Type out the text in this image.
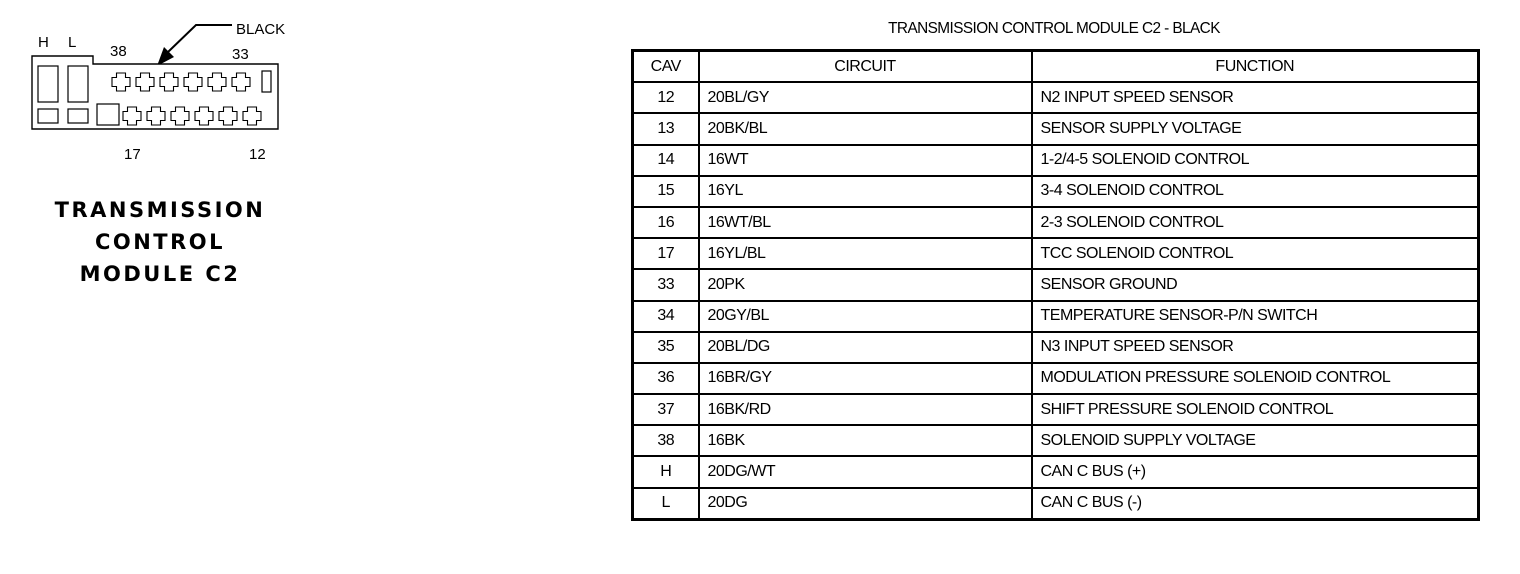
H L
38	33
BLACK
17	12
TRANSMISSION
CONTROL
MODULE C2
TRANSMISSION CONTROL MODULE C2 - BLACK
CAV	CIRCUIT	FUNCTION
12	20BL/GY	N2 INPUT SPEED SENSOR
13	20BK/BL	SENSOR SUPPLY VOLTAGE
14	16WT	1-2/4-5 SOLENOID CONTROL
15	16YL	3-4 SOLENOID CONTROL
16	16WT/BL	2-3 SOLENOID CONTROL
17	16YL/BL	TCC SOLENOID CONTROL
33	20PK	SENSOR GROUND
34	20GY/BL	TEMPERATURE SENSOR-P/N SWITCH
35	20BL/DG	N3 INPUT SPEED SENSOR
36	16BR/GY	MODULATION PRESSURE SOLENOID CONTROL
37	16BK/RD	SHIFT PRESSURE SOLENOID CONTROL
38	16BK	SOLENOID SUPPLY VOLTAGE
H	20DG/WT	CAN C BUS (+)
L	20DG	CAN C BUS (-)
